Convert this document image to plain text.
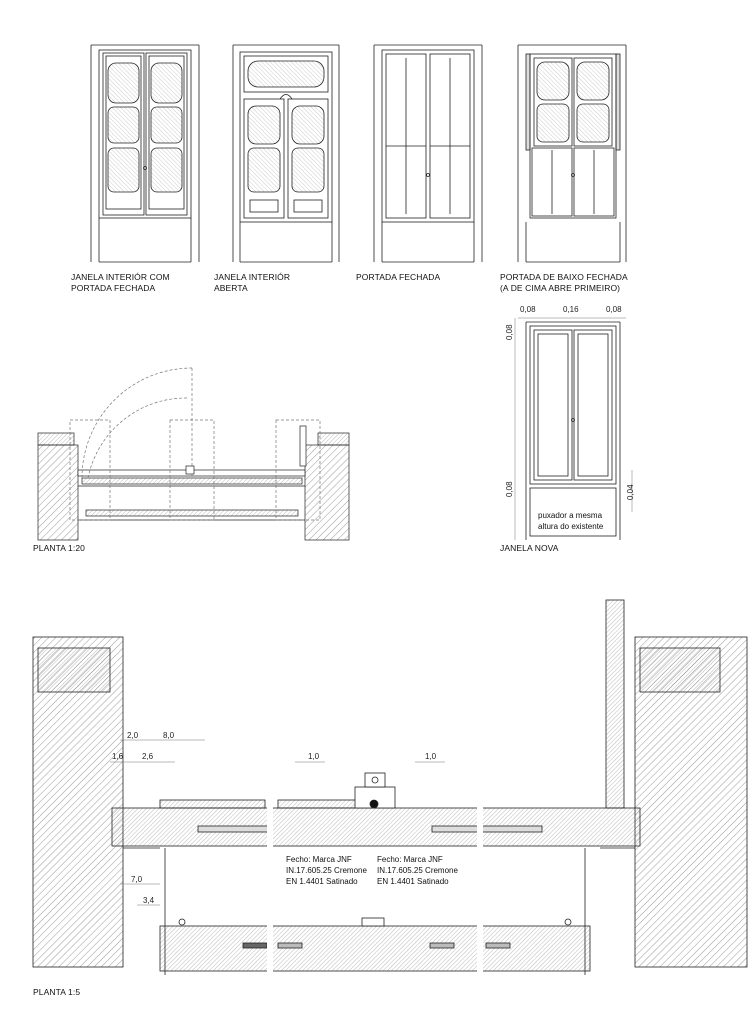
JANELA INTERIÓR COM
PORTADA FECHADA
JANELA INTERIÓR
ABERTA
PORTADA FECHADA	PORTADA DE BAIXO FECHADA
(A DE CIMA ABRE PRIMEIRO)
PLANTA 1:20
0,08	0,16	0,08
0,08
0,08	0,04
puxador a mesma
altura do existente
JANELA NOVA
2,0	8,0
1,6 2,6	1,0	1,0
7,0
3,4
Fecho: Marca JNF
IN.17.605.25 Cremone
EN 1.4401 Satinado
Fecho: Marca JNF
IN.17.605.25 Cremone
EN 1.4401 Satinado
PLANTA 1:5
